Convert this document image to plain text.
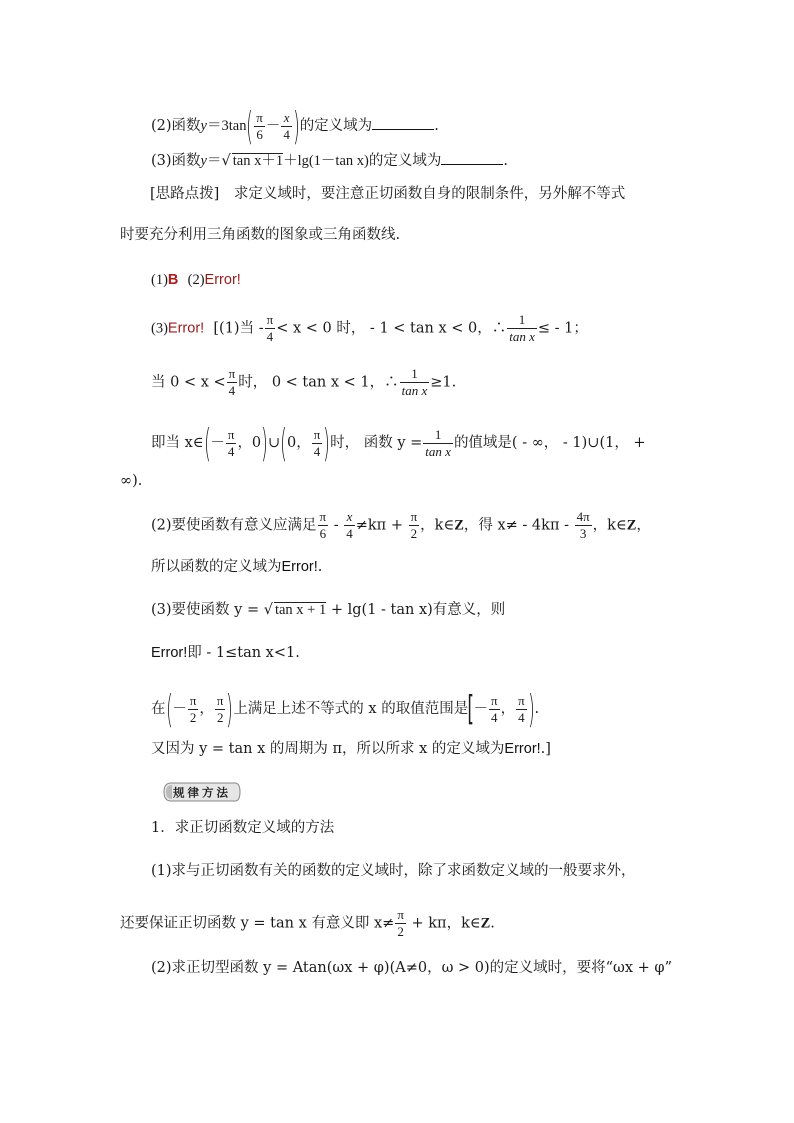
(2)函数$y=3\tan( \frac{\pi}{6} - \frac{x}{4}$ )的定义域为	.
(3)函数y＝√ tan x＋1＋lg(1－tan x)的定义域为	.
[思路点拨]　求定义域时，要注意正切函数自身的限制条件，另外解不等式
时要充分利用三角函数的图象或三角函数线.
(1)B (2)Error!
(3)Error! [(1)当 - $\frac{\pi}{4} < x < 0$ 时， - 1 < tan x < 0，∴ $\frac{1}{\text{tan x}}$ ≤ - 1；
当 $0 < x < \frac{\pi}{4}$ 时， 0 < tan x < 1，∴ $\frac{1}{\text{tan x}} \ge 1$.
即当 x∈(－ $\frac{\pi}{4}$ ，0)∪(0， $\frac{\pi}{4}$ )时， 函数 $y = \frac{1}{\text{tan x}}$ 的值域是( - ∞， - 1)∪(1， +
∞).
(2)要使函数有意义应满足 $\frac{\pi}{6} - \frac{x}{4} \ne k\pi + \frac{\pi}{2}$ ，k∈Z，得 $x\ne - 4k\pi - \frac{4\pi}{3}$ ，k∈Z，
所以函数的定义域为Error!.
(3)要使函数 y = √ tan x + 1 + lg(1 - tan x)有意义，则
Error!即 - 1≤tan x<1.
在(－ $\frac{\pi}{2}$ ， $\frac{\pi}{2}$ )上满足上述不等式的 x 的取值范围是[－ $\frac{\pi}{4}$ ， $\frac{\pi}{4}$ ).
又因为 y = tan x 的周期为 π，所以所求 x 的定义域为Error!.]
规律方法
1．求正切函数定义域的方法
(1)求与正切函数有关的函数的定义域时，除了求函数定义域的一般要求外，
还要保证正切函数 y = tan x 有意义即 $x\ne \frac{\pi}{2} + k\pi$，k∈Z.
(2)求正切型函数 y = Atan(ωx + φ)(A≠0，ω > 0)的定义域时，要将“ωx + φ”
